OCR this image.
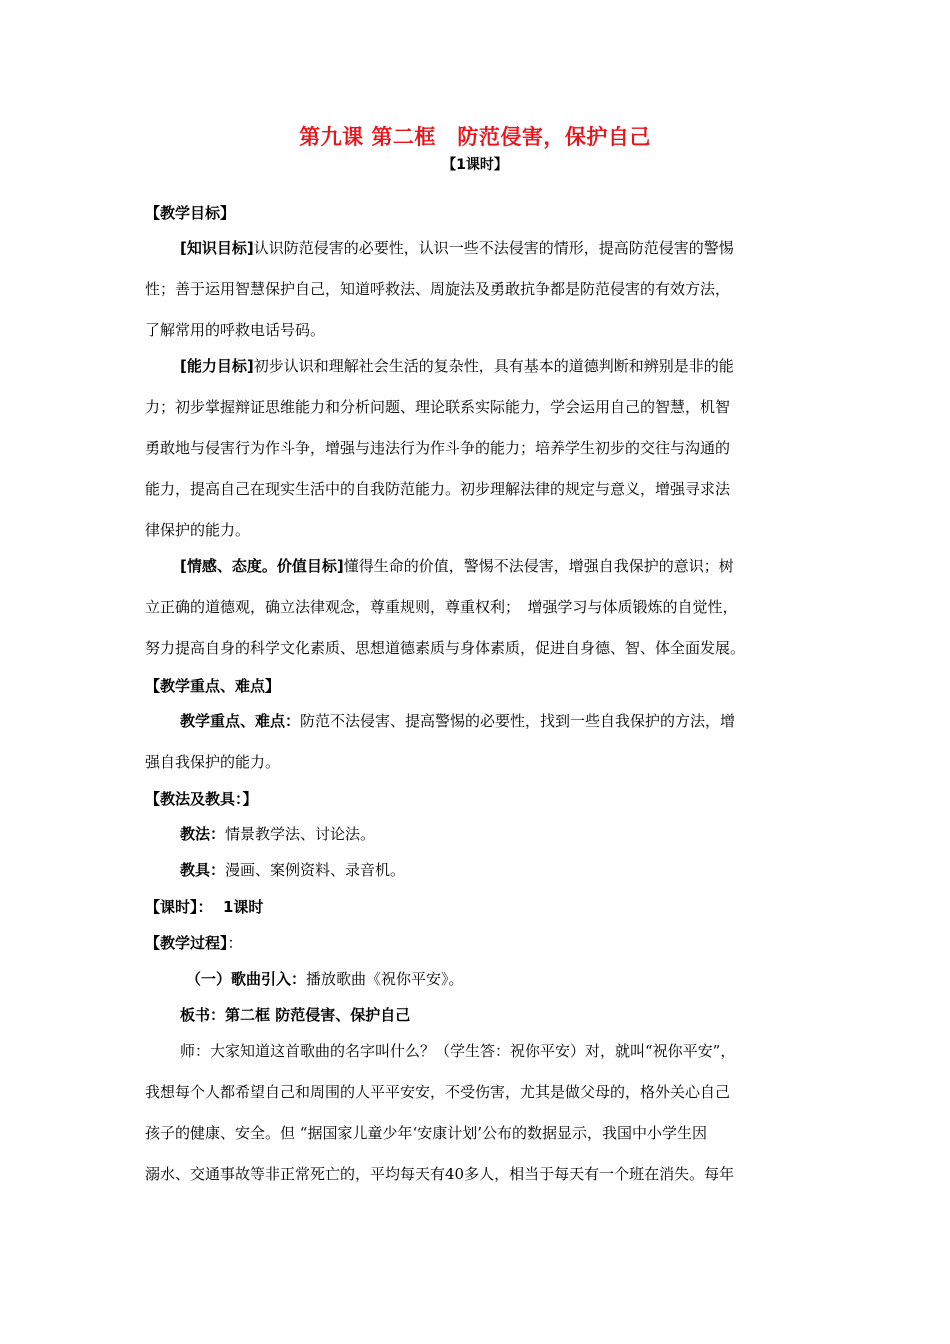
第九课 第二框　防范侵害，保护自己
【1课时】
【教学目标】
[知识目标]认识防范侵害的必要性，认识一些不法侵害的情形，提高防范侵害的警惕
性；善于运用智慧保护自己，知道呼救法、周旋法及勇敢抗争都是防范侵害的有效方法，
了解常用的呼救电话号码。
[能力目标]初步认识和理解社会生活的复杂性，具有基本的道德判断和辨别是非的能
力；初步掌握辩证思维能力和分析问题、理论联系实际能力，学会运用自己的智慧，机智
勇敢地与侵害行为作斗争，增强与违法行为作斗争的能力；培养学生初步的交往与沟通的
能力，提高自己在现实生活中的自我防范能力。初步理解法律的规定与意义，增强寻求法
律保护的能力。
[情感、态度。价值目标]懂得生命的价值，警惕不法侵害，增强自我保护的意识；树
立正确的道德观，确立法律观念，尊重规则，尊重权利；　增强学习与体质锻炼的自觉性，
努力提高自身的科学文化素质、思想道德素质与身体素质，促进自身德、智、体全面发展。
【教学重点、难点】
教学重点、难点：防范不法侵害、提高警惕的必要性，找到一些自我保护的方法，增
强自我保护的能力。
【教法及教具：】
教法：情景教学法、讨论法。
教具：漫画、案例资料、录音机。
【课时】： 1课时
【教学过程】：
（一）歌曲引入：播放歌曲《祝你平安》。
板书：第二框 防范侵害、保护自己
师：大家知道这首歌曲的名字叫什么？（学生答：祝你平安）对，就叫“祝你平安”，
我想每个人都希望自己和周围的人平平安安，不受伤害，尤其是做父母的，格外关心自己
孩子的健康、安全。但 “据国家儿童少年‘安康计划’公布的数据显示，我国中小学生因
溺水、交通事故等非正常死亡的，平均每天有40多人，相当于每天有一个班在消失。每年
